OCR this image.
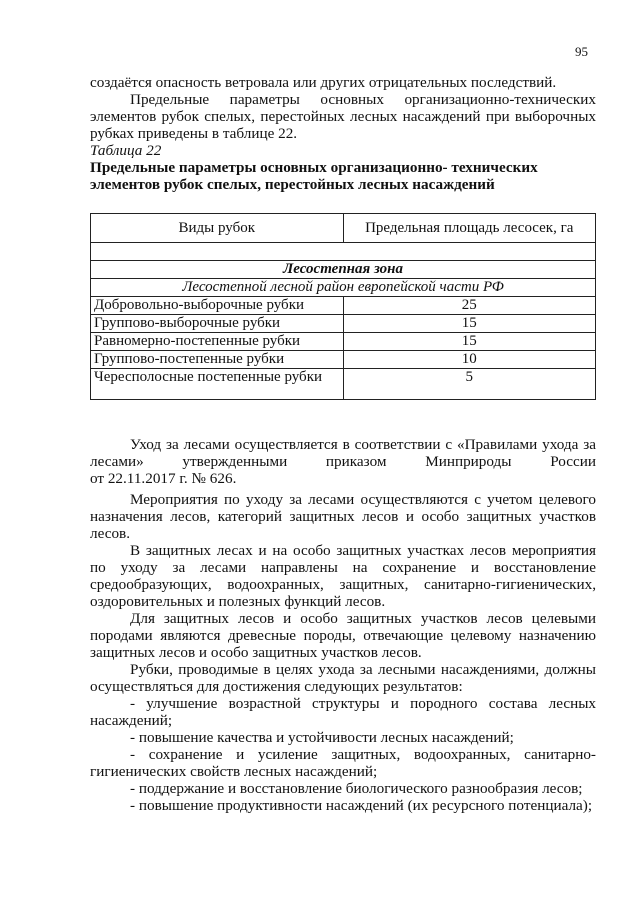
95

создаётся опасность ветровала или других отрицательных последствий.

Предельные параметры основных организационно-технических элементов рубок спелых, перестойных лесных насаждений при выборочных рубках приведены в таблице 22.

Таблица 22

Предельные параметры основных организационно- технических

элементов рубок спелых, перестойных лесных насаждений

Виды рубок	Предельная площадь лесосек, га

Лесостепная зона	
Лесостепной лесной район европейской части РФ	
Добровольно-выборочные рубки	25
Группово-выборочные рубки	15
Равномерно-постепенные рубки	15
Группово-постепенные рубки	10
Чересполосные постепенные рубки	5

Уход за лесами осуществляется в соответствии с «Правилами ухода за

лесами»	утвержденными	приказом	Минприроды	России

от 22.11.2017 г. № 626.

Мероприятия по уходу за лесами осуществляются с учетом целевого назначения лесов, категорий защитных лесов и особо защитных участков лесов.

В защитных лесах и на особо защитных участках лесов мероприятия по уходу за лесами направлены на сохранение и восстановление средообразующих, водоохранных, защитных, санитарно-гигиенических, оздоровительных и полезных функций лесов.

Для защитных лесов и особо защитных участков лесов целевыми породами являются древесные породы, отвечающие целевому назначению защитных лесов и особо защитных участков лесов.

Рубки, проводимые в целях ухода за лесными насаждениями, должны осуществляться для достижения следующих результатов:

- улучшение возрастной структуры и породного состава лесных насаждений;

- повышение качества и устойчивости лесных насаждений;

- сохранение и усиление защитных, водоохранных, санитарно-гигиенических свойств лесных насаждений;

- поддержание и восстановление биологического разнообразия лесов;

- повышение продуктивности насаждений (их ресурсного потенциала);
